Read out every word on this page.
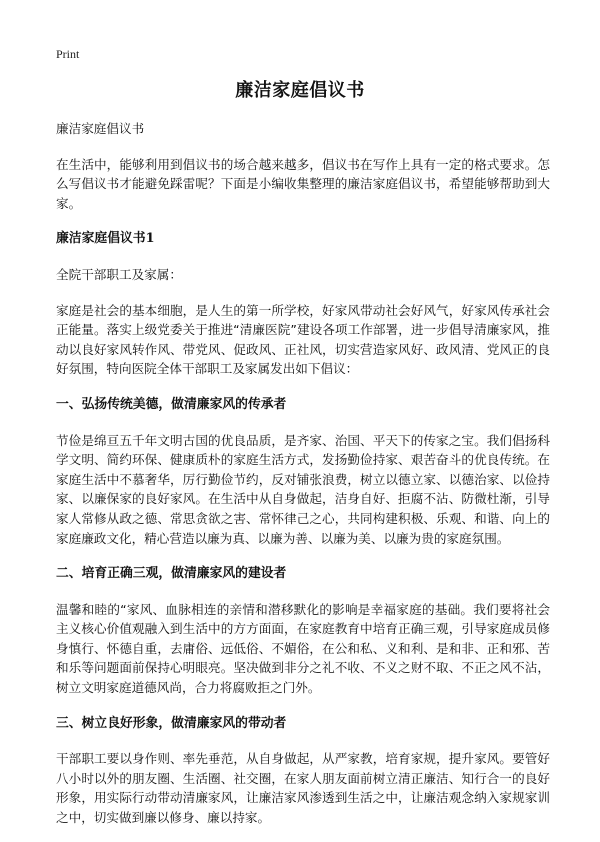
Print
廉洁家庭倡议书

廉洁家庭倡议书

在生活中，能够利用到倡议书的场合越来越多，倡议书在写作上具有一定的格式要求。怎么写倡议书才能避免踩雷呢？下面是小编收集整理的廉洁家庭倡议书，希望能够帮助到大家。

廉洁家庭倡议书1

全院干部职工及家属：

家庭是社会的基本细胞，是人生的第一所学校，好家风带动社会好风气，好家风传承社会正能量。落实上级党委关于推进“清廉医院”建设各项工作部署，进一步倡导清廉家风，推动以良好家风转作风、带党风、促政风、正社风，切实营造家风好、政风清、党风正的良好氛围，特向医院全体干部职工及家属发出如下倡议：

一、弘扬传统美德，做清廉家风的传承者

节俭是绵亘五千年文明古国的优良品质，是齐家、治国、平天下的传家之宝。我们倡扬科学文明、简约环保、健康质朴的家庭生活方式，发扬勤俭持家、艰苦奋斗的优良传统。在家庭生活中不慕奢华，厉行勤俭节约，反对铺张浪费，树立以德立家、以德治家、以俭持家、以廉保家的良好家风。在生活中从自身做起，洁身自好、拒腐不沾、防微杜渐，引导家人常修从政之德、常思贪欲之害、常怀律己之心，共同构建积极、乐观、和谐、向上的家庭廉政文化，精心营造以廉为真、以廉为善、以廉为美、以廉为贵的家庭氛围。

二、培育正确三观，做清廉家风的建设者

温馨和睦的“家风、血脉相连的亲情和潜移默化的影响是幸福家庭的基础。我们要将社会主义核心价值观融入到生活中的方方面面，在家庭教育中培育正确三观，引导家庭成员修身慎行、怀德自重，去庸俗、远低俗、不媚俗，在公和私、义和利、是和非、正和邪、苦和乐等问题面前保持心明眼亮。坚决做到非分之礼不收、不义之财不取、不正之风不沾，树立文明家庭道德风尚，合力将腐败拒之门外。

三、树立良好形象，做清廉家风的带动者

干部职工要以身作则、率先垂范，从自身做起，从严家教，培育家规，提升家风。要管好八小时以外的朋友圈、生活圈、社交圈，在家人朋友面前树立清正廉洁、知行合一的良好形象，用实际行动带动清廉家风，让廉洁家风渗透到生活之中，让廉洁观念纳入家规家训之中，切实做到廉以修身、廉以持家。
